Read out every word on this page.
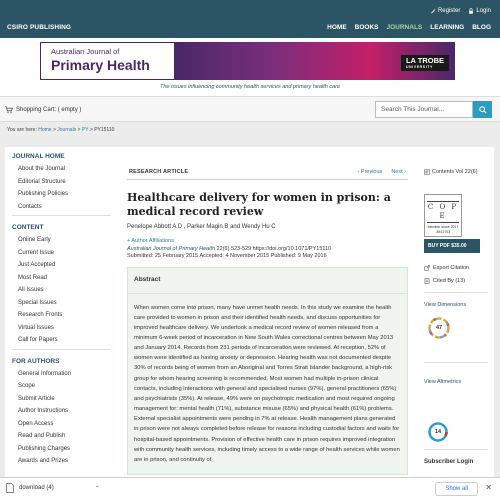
CSIRO PUBLISHING
Register	Login
HOME BOOKS JOURNALS LEARNING BLOG
Australian Journal of
Primary Health	LA TROBE
UNIVERSITY
The issues influencing community health services and primary health care
Shopping Cart: ( empty )	Search This Journal...
You are here: Home > Journals > PY > PY15110
JOURNAL HOME
About the Journal
Editorial Structure
Publishing Policies
Contacts
CONTENT
Online Early
Current Issue
Just Accepted
Most Read
All Issues
Special Issues
Research Fronts
Virtual Issues
Call for Papers
FOR AUTHORS
General Information
Scope
Submit Article
Author Instructions
Open Access
Read and Publish
Publishing Charges
Awards and Prizes
RESEARCH ARTICLE	‹ Previous Next ›
Healthcare delivery for women in prison: a medical record review
Penelope Abbott A D , Parker Magin B and Wendy Hu C
+ Author Affiliations
Australian Journal of Primary Health 22(6) 523-529 https://doi.org/10.1071/PY15110
Submitted: 25 February 2015 Accepted: 4 November 2015 Published: 9 May 2016
Abstract
When women come into prison, many have unmet health needs. In this study we examine the health care provided to women in prison and their identified health needs, and discuss opportunities for improved healthcare delivery. We undertook a medical record review of women released from a minimum 6-week period of incarceration in New South Wales correctional centres between May 2013 and January 2014. Records from 231 periods of incarceration were reviewed. At reception, 52% of women were identified as having anxiety or depression. Hearing health was not documented despite 30% of records being of women from an Aboriginal and Torres Strait Islander background, a high-risk group for whom hearing screening is recommended. Most women had multiple in-prison clinical contacts, including interactions with general and specialised nurses (97%), general practitioners (65%) and psychiatrists (35%). At release, 49% were on psychotropic medication and most required ongoing management for: mental health (71%), substance misuse (65%) and physical health (61%) problems. External specialist appointments were pending in 7% at release. Health management plans generated in prison were not always completed before release for reasons including custodial factors and waits for hospital-based appointments. Provision of effective health care in prison requires improved integration with community health services, including timely access to a wide range of health services while women are in prison, and continuity of
Contents Vol 22(6)
C O P E
Member since 2017
JM13703
BUY PDF $35.00
Export Citation
Cited By (13)
View Dimensions
47
View Altmetrics
14
Subscriber Login
download (4)	⌃	Show all	✕
